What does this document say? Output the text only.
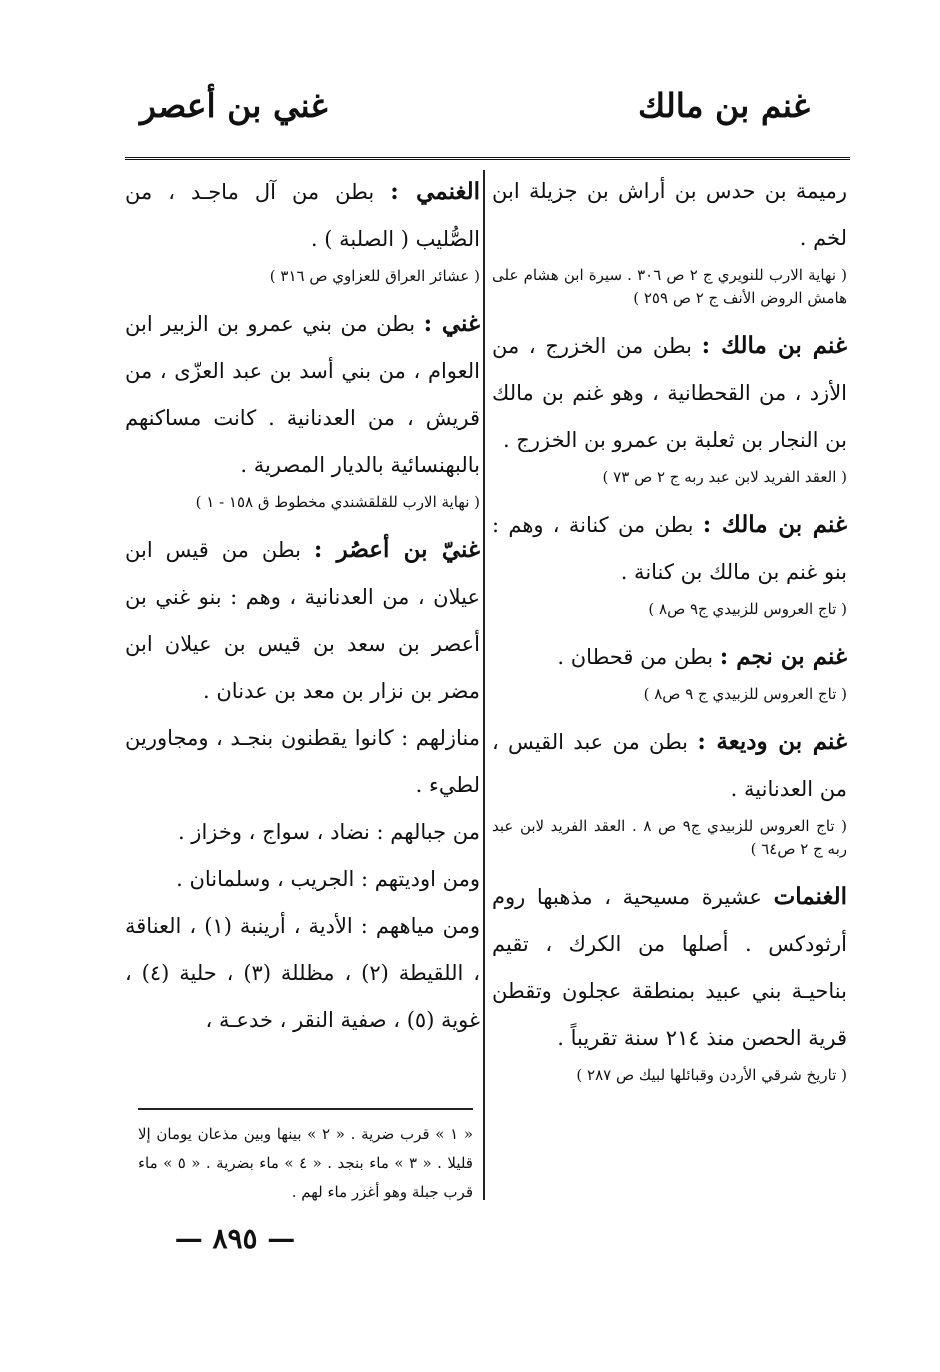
غنم بن مالك
غني بن أعصر

رميمة بن حدس بن أراش بن جزيلة ابن لخم .

( نهاية الارب للنويري ج ٢ ص ٣٠٦ . سيرة ابن هشام على هامش الروض الأنف ج ٢ ص ٢٥٩ )

غنم بن مالك : بطن من الخزرج ، من الأزد ، من القحطانية ، وهو غنم بن مالك بن النجار بن ثعلبة بن عمرو بن الخزرج .

( العقد الفريد لابن عبد ربه ج ٢ ص ٧٣ )

غنم بن مالك : بطن من كنانة ، وهم : بنو غنم بن مالك بن كنانة .

( تاج العروس للزبيدي ج٩ ص٨ )

غنم بن نجم : بطن من قحطان .

( تاج العروس للزبيدي ج ٩ ص٨ )

غنم بن وديعة : بطن من عبد القيس ، من العدنانية .

( تاج العروس للزبيدي ج٩ ص ٨ . العقد الفريد لابن عبد ربه ج ٢ ص٦٤ )

الغنمات عشيرة مسيحية ، مذهبها روم أرثودكس . أصلها من الكرك ، تقيم بناحيـة بني عبيد بمنطقة عجلون وتقطن قرية الحصن منذ ٢١٤ سنة تقريباً .

( تاريخ شرقي الأردن وقبائلها لبيك ص ٢٨٧ )

الغنمي : بطن من آل ماجـد ، من الصُّليب ( الصلبة ) .

( عشائر العراق للعزاوي ص ٣١٦ )

غني : بطن من بني عمرو بن الزبير ابن العوام ، من بني أسد بن عبد العزّى ، من قريش ، من العدنانية . كانت مساكنهم بالبهنسائية بالديار المصرية .

( نهاية الارب للقلقشندي مخطوط ق ١٥٨ - ١ )

غنيّ بن أعصُر : بطن من قيس ابن عيلان ، من العدنانية ، وهم : بنو غني بن أعصر بن سعد بن قيس بن عيلان ابن مضر بن نزار بن معد بن عدنان .

منازلهم : كانوا يقطنون بنجـد ، ومجاورين لطيء .

من جبالهم : نضاد ، سواج ، وخزاز .

ومن اوديتهم : الجريب ، وسلمانان .

ومن مياههم : الأدية ، أرينبة (١) ، العناقة ، اللقيطة (٢) ، مظللة (٣) ، حلية (٤) ، غوية (٥) ، صفية النقر ، خدعـة ،

« ١ » قرب ضرية . « ٢ » بينها وبين مذعان يومان إلا قليلا . « ٣ » ماء بنجد . « ٤ » ماء بضرية . « ٥ » ماء قرب جبلة وهو أغزر ماء لهم .
— ٨٩٥ —
